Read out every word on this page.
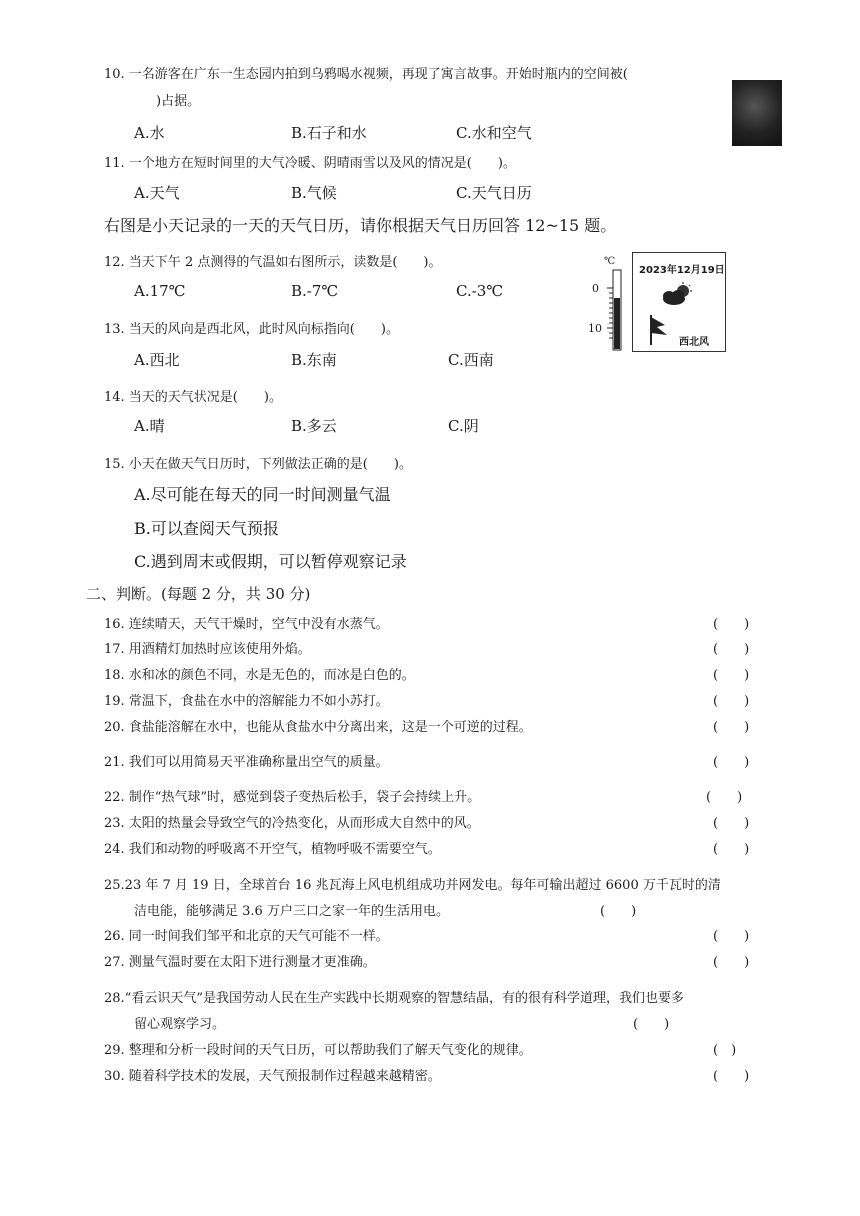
10. 一名游客在广东一生态园内拍到乌鸦喝水视频，再现了寓言故事。开始时瓶内的空间被(
)占据。
A.水	B.石子和水	C.水和空气
11. 一个地方在短时间里的大气冷暖、阴晴雨雪以及风的情况是(　　)。
A.天气	B.气候	C.天气日历
右图是小天记录的一天的天气日历，请你根据天气日历回答 12~15 题。
12. 当天下午 2 点测得的气温如右图所示，读数是(　　)。
A.17℃	B.-7℃	C.-3℃
℃
0
10
2023年12月19日
西北风
13. 当天的风向是西北风，此时风向标指向(　　)。
A.西北	B.东南	C.西南
14. 当天的天气状况是(　　)。
A.晴	B.多云	C.阴
15. 小天在做天气日历时，下列做法正确的是(　　)。
A.尽可能在每天的同一时间测量气温
B.可以查阅天气预报
C.遇到周末或假期，可以暂停观察记录
二、判断。(每题 2 分，共 30 分)
16. 连续晴天，天气干燥时，空气中没有水蒸气。	(　　)
17. 用酒精灯加热时应该使用外焰。	(　　)
18. 水和冰的颜色不同，水是无色的，而冰是白色的。	(　　)
19. 常温下，食盐在水中的溶解能力不如小苏打。	(　　)
20. 食盐能溶解在水中，也能从食盐水中分离出来，这是一个可逆的过程。	(　　)
21. 我们可以用简易天平准确称量出空气的质量。	(　　)
22. 制作“热气球”时，感觉到袋子变热后松手，袋子会持续上升。	(　　)
23. 太阳的热量会导致空气的冷热变化，从而形成大自然中的风。	(　　)
24. 我们和动物的呼吸离不开空气，植物呼吸不需要空气。	(　　)
25.23 年 7 月 19 日，全球首台 16 兆瓦海上风电机组成功并网发电。每年可输出超过 6600 万千瓦时的清
洁电能，能够满足 3.6 万户三口之家一年的生活用电。	(　　)
26. 同一时间我们邹平和北京的天气可能不一样。	(　　)
27. 测量气温时要在太阳下进行测量才更准确。	(　　)
28.“看云识天气”是我国劳动人民在生产实践中长期观察的智慧结晶，有的很有科学道理，我们也要多
留心观察学习。	(　　)
29. 整理和分析一段时间的天气日历，可以帮助我们了解天气变化的规律。	(　)
30. 随着科学技术的发展，天气预报制作过程越来越精密。	(　　)
